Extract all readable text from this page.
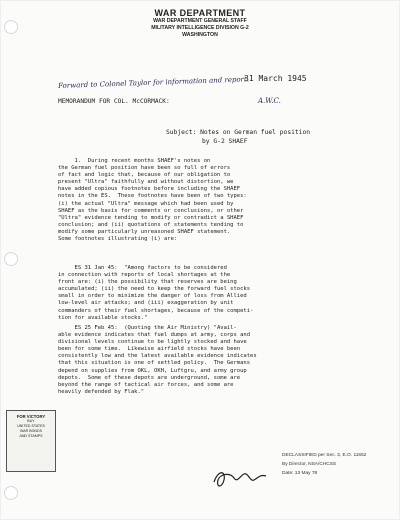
WAR DEPARTMENT
WAR DEPARTMENT GENERAL STAFF
MILITARY INTELLIGENCE DIVISION G-2
WASHINGTON
31 March 1945
Forward to Colonel Taylor for information and report.
A.W.C.
MEMORANDUM FOR COL. McCORMACK:
Subject: Notes on German fuel position
by G-2 SHAEF
1.  During recent months SHAEF's notes on
the German fuel position have been so full of errors
of fact and logic that, because of our obligation to
present "Ultra" faithfully and without distortion, we
have added copious footnotes before including the SHAEF
notes in the ES.  These footnotes have been of two types:
(i) the actual "Ultra" message which had been used by
SHAEF as the basis for comments or conclusions, or other
"Ultra" evidence tending to modify or contradict a SHAEF
conclusion; and (ii) quotations of statements tending to
modify some particularly unreasoned SHAEF statement.
Some footnotes illustrating (i) are:
ES 31 Jan 45:  "Among factors to be considered
in connection with reports of local shortages at the
front are: (i) the possibility that reserves are being
accumulated; (ii) the need to keep the forward fuel stocks
small in order to minimize the danger of loss from Allied
low-level air attacks; and (iii) exaggeration by unit
commanders of their fuel shortages, because of the competi-
tion for available stocks."
ES 25 Feb 45:  (Quoting the Air Ministry) "Avail-
able evidence indicates that fuel dumps at army, corps and
divisional levels continue to be lightly stocked and have
been for some time.  Likewise airfield stocks have been
consistently low and the latest available evidence indicates
that this situation is one of settled policy.  The Germans
depend on supplies from OKL, OKH, Luftgru, and army group
depots.  Some of these depots are underground, some are
beyond the range of tactical air forces, and some are
heavily defended by Flak."
FOR VICTORY
BUY
UNITED STATES
WAR BONDS
AND STAMPS
DECLASSIFIED per Sec. 3, E.O. 11652
By Director, NSA/CHCSS
Date: 13 May 78
